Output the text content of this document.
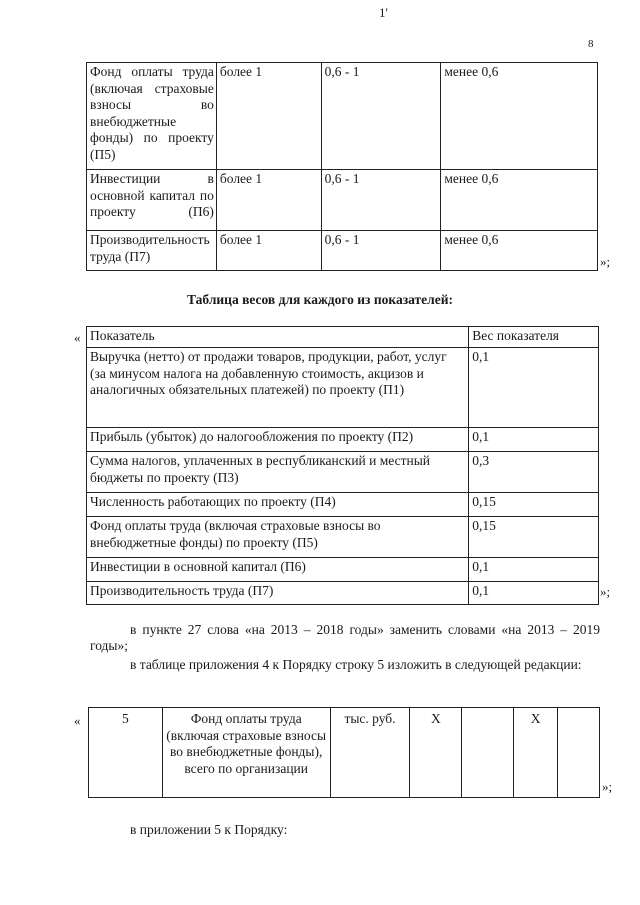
1'
8
Фонд оплаты труда (включая страховые взносы во внебюджетные фонды) по проекту (П5)	более 1	0,6 - 1	менее 0,6
Инвестиции в основной капитал по проекту (П6)	более 1	0,6 - 1	менее 0,6
Производительность труда (П7)	более 1	0,6 - 1	менее 0,6
»;
Таблица весов для каждого из показателей:
« Показатель	Вес показателя
Выручка (нетто) от продажи товаров, продукции, работ, услуг (за минусом налога на добавленную стоимость, акцизов и аналогичных обязательных платежей) по проекту (П1)	0,1
Прибыль (убыток) до налогообложения по проекту (П2)	0,1
Сумма налогов, уплаченных в республиканский и местный бюджеты по проекту (П3)	0,3
Численность работающих по проекту (П4)	0,15
Фонд оплаты труда (включая страховые взносы во внебюджетные фонды) по проекту (П5)	0,15
Инвестиции в основной капитал (П6)	0,1
Производительность труда (П7)	0,1	»;
в пункте 27 слова «на 2013 – 2018 годы» заменить словами «на 2013 – 2019 годы»;
в таблице приложения 4 к Порядку строку 5 изложить в следующей редакции:
«	5	Фонд оплаты труда (включая страховые взносы во внебюджетные фонды), всего по организации	тыс. руб.	Х		Х	
»;
в приложении 5 к Порядку:
